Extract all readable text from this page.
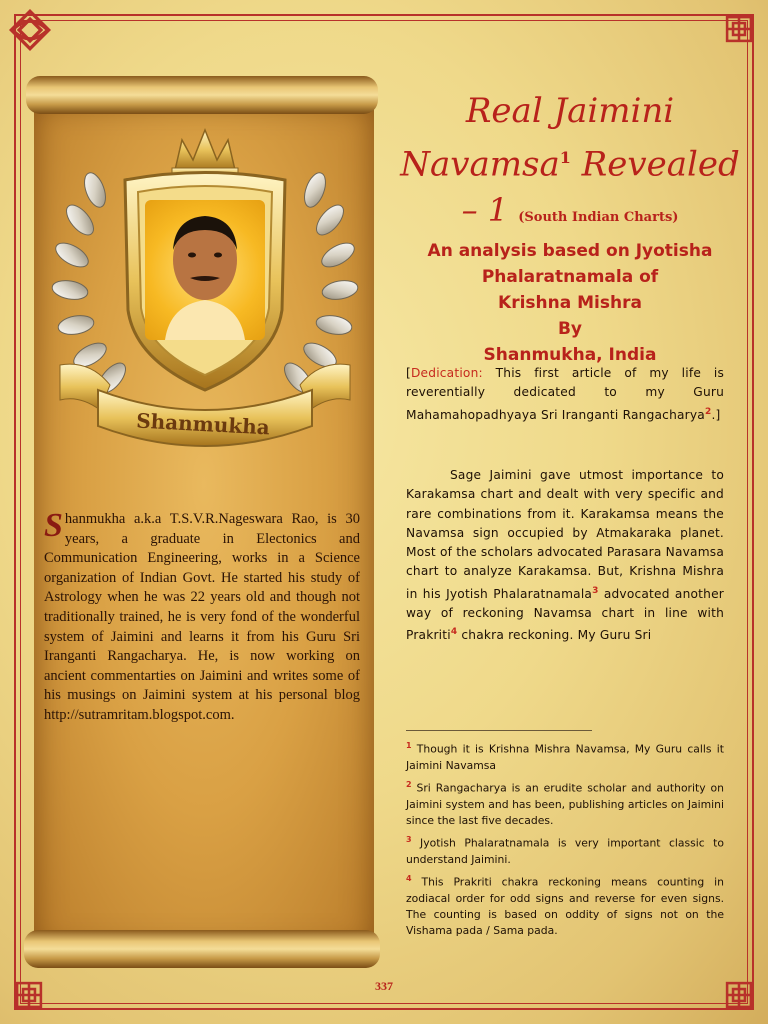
Shanmukha
Shanmukha a.k.a T.S.V.R.Nageswara Rao, is 30 years, a graduate in Electonics and Communication Engineering, works in a Science organization of Indian Govt. He started his study of Astrology when he was 22 years old and though not traditionally trained, he is very fond of the wonderful system of Jaimini and learns it from his Guru Sri Iranganti Rangacharya. He, is now working on ancient commentarties on Jaimini and writes some of his musings on Jaimini system at his personal blog http://sutramritam.blogspot.com.
Real Jaimini
Navamsa$^1$ Revealed
– 1 (South Indian Charts)
An analysis based on Jyotisha
Phalaratnamala of
Krishna Mishra
By
Shanmukha, India
[Dedication: This first article of my life is reverentially dedicated to my Guru Mahamahopadhyaya Sri Iranganti Rangacharya$^2$.]
Sage Jaimini gave utmost importance to Karakamsa chart and dealt with very specific and rare combinations from it. Karakamsa means the Navamsa sign occupied by Atmakaraka planet. Most of the scholars advocated Parasara Navamsa chart to analyze Karakamsa. But, Krishna Mishra in his Jyotish Phalaratnamala$^3$ advocated another way of reckoning Navamsa chart in line with Prakriti$^4$ chakra reckoning. My Guru Sri

$^1$ Though it is Krishna Mishra Navamsa, My Guru calls it Jaimini Navamsa

$^2$ Sri Rangacharya is an erudite scholar and authority on Jaimini system and has been, publishing articles on Jaimini since the last five decades.

$^3$ Jyotish Phalaratnamala is very important classic to understand Jaimini.

$^4$ This Prakriti chakra reckoning means counting in zodiacal order for odd signs and reverse for even signs. The counting is based on oddity of signs not on the Vishama pada / Sama pada.

337
